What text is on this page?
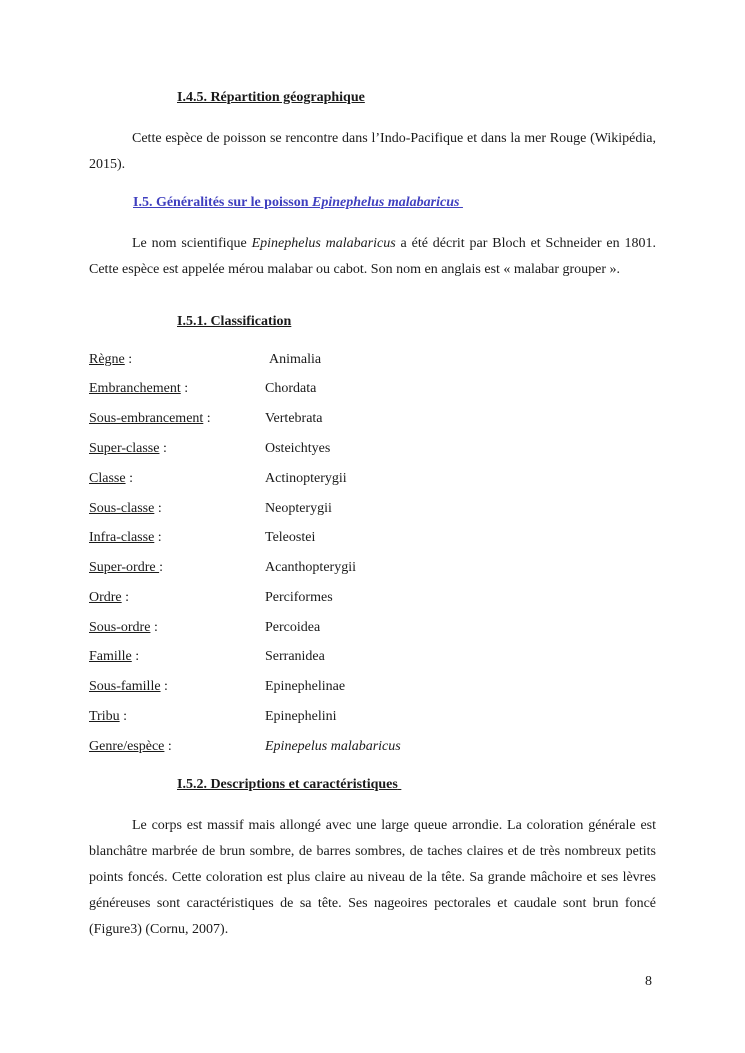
I.4.5. Répartition géographique
Cette espèce de poisson se rencontre dans l’Indo-Pacifique et dans la mer Rouge (Wikipédia, 2015).
I.5. Généralités sur le poisson Epinephelus malabaricus
Le nom scientifique Epinephelus malabaricus a été décrit par Bloch et Schneider en 1801. Cette espèce est appelée mérou malabar ou cabot. Son nom en anglais est « malabar grouper ».
I.5.1. Classification
Règne :	Animalia
Embranchement :	Chordata
Sous-embrancement :	Vertebrata
Super-classe :	Osteichtyes
Classe :	Actinopterygii
Sous-classe :	Neopterygii
Infra-classe :	Teleostei
Super-ordre :	Acanthopterygii
Ordre :	Perciformes
Sous-ordre :	Percoidea
Famille :	Serranidea
Sous-famille :	Epinephelinae
Tribu :	Epinephelini
Genre/espèce :	Epinepelus malabaricus
I.5.2. Descriptions et caractéristiques
Le corps est massif mais allongé avec une large queue arrondie. La coloration générale est blanchâtre marbrée de brun sombre, de barres sombres, de taches claires et de très nombreux petits points foncés. Cette coloration est plus claire au niveau de la tête. Sa grande mâchoire et ses lèvres généreuses sont caractéristiques de sa tête. Ses nageoires pectorales et caudale sont brun foncé (Figure3) (Cornu, 2007).
8
